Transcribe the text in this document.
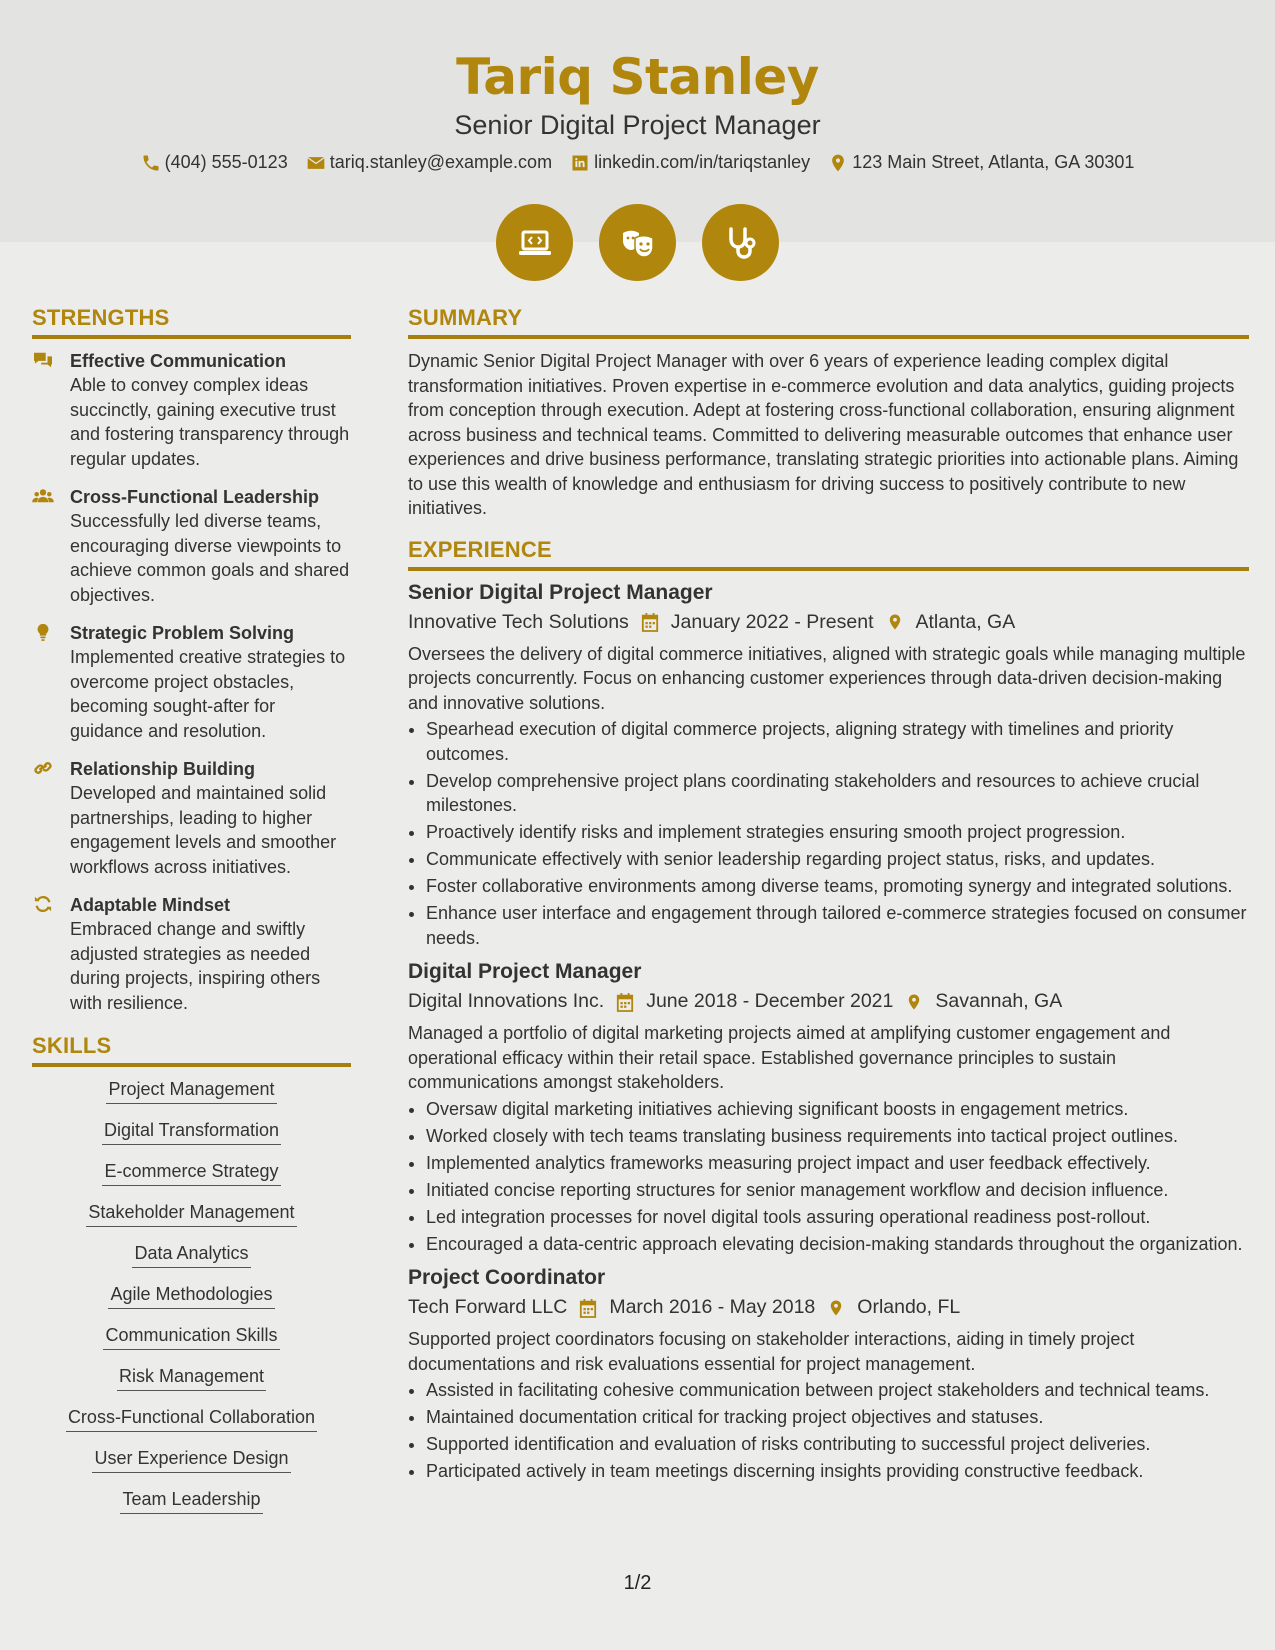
Tariq Stanley
Senior Digital Project Manager
(404) 555-0123 tariq.stanley@example.com linkedin.com/in/tariqstanley 123 Main Street, Atlanta, GA 30301
STRENGTHS
Effective Communication
Able to convey complex ideas succinctly, gaining executive trust and fostering transparency through regular updates.
Cross-Functional Leadership
Successfully led diverse teams, encouraging diverse viewpoints to achieve common goals and shared objectives.
Strategic Problem Solving
Implemented creative strategies to overcome project obstacles, becoming sought-after for guidance and resolution.
Relationship Building
Developed and maintained solid partnerships, leading to higher engagement levels and smoother workflows across initiatives.
Adaptable Mindset
Embraced change and swiftly adjusted strategies as needed during projects, inspiring others with resilience.
SKILLS
Project Management
Digital Transformation
E-commerce Strategy
Stakeholder Management
Data Analytics
Agile Methodologies
Communication Skills
Risk Management
Cross-Functional Collaboration
User Experience Design
Team Leadership
SUMMARY
Dynamic Senior Digital Project Manager with over 6 years of experience leading complex digital transformation initiatives. Proven expertise in e-commerce evolution and data analytics, guiding projects from conception through execution. Adept at fostering cross-functional collaboration, ensuring alignment across business and technical teams. Committed to delivering measurable outcomes that enhance user experiences and drive business performance, translating strategic priorities into actionable plans. Aiming to use this wealth of knowledge and enthusiasm for driving success to positively contribute to new initiatives.
EXPERIENCE
Senior Digital Project Manager
Innovative Tech Solutions January 2022 - Present Atlanta, GA
Oversees the delivery of digital commerce initiatives, aligned with strategic goals while managing multiple projects concurrently. Focus on enhancing customer experiences through data-driven decision-making and innovative solutions.
• Spearhead execution of digital commerce projects, aligning strategy with timelines and priority outcomes.
• Develop comprehensive project plans coordinating stakeholders and resources to achieve crucial milestones.
• Proactively identify risks and implement strategies ensuring smooth project progression.
• Communicate effectively with senior leadership regarding project status, risks, and updates.
• Foster collaborative environments among diverse teams, promoting synergy and integrated solutions.
• Enhance user interface and engagement through tailored e-commerce strategies focused on consumer needs.
Digital Project Manager
Digital Innovations Inc. June 2018 - December 2021 Savannah, GA
Managed a portfolio of digital marketing projects aimed at amplifying customer engagement and operational efficacy within their retail space. Established governance principles to sustain communications amongst stakeholders.
• Oversaw digital marketing initiatives achieving significant boosts in engagement metrics.
• Worked closely with tech teams translating business requirements into tactical project outlines.
• Implemented analytics frameworks measuring project impact and user feedback effectively.
• Initiated concise reporting structures for senior management workflow and decision influence.
• Led integration processes for novel digital tools assuring operational readiness post-rollout.
• Encouraged a data-centric approach elevating decision-making standards throughout the organization.
Project Coordinator
Tech Forward LLC March 2016 - May 2018 Orlando, FL
Supported project coordinators focusing on stakeholder interactions, aiding in timely project documentations and risk evaluations essential for project management.
• Assisted in facilitating cohesive communication between project stakeholders and technical teams.
• Maintained documentation critical for tracking project objectives and statuses.
• Supported identification and evaluation of risks contributing to successful project deliveries.
• Participated actively in team meetings discerning insights providing constructive feedback.
1/2
